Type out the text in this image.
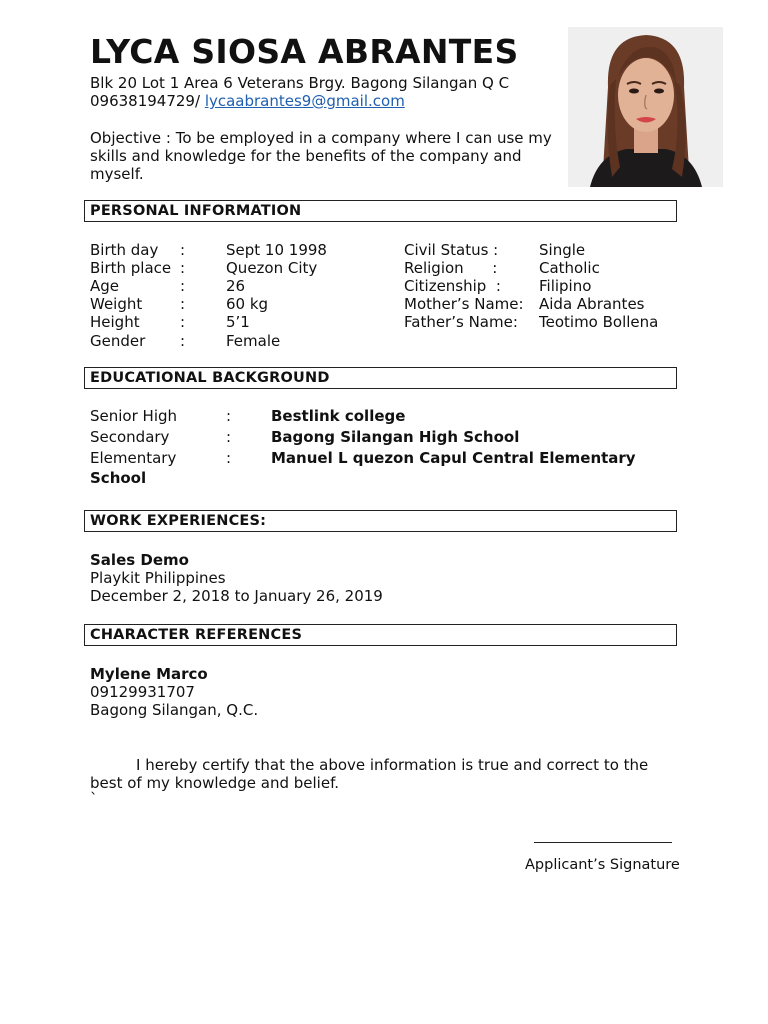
LYCA SIOSA ABRANTES
Blk 20 Lot 1 Area 6 Veterans Brgy. Bagong Silangan Q C
09638194729/ lycaabrantes9@gmail.com
Objective : To be employed in a company where I can use my
skills and knowledge for the benefits of the company and
myself.
PERSONAL INFORMATION
Birth day :	Sept 10 1998
Birth place :	Quezon City
Age	:	26
Weight	:	60 kg
Height	:	5’1
Gender :	Female
Civil Status :	Single
Religion      :	Catholic
Citizenship  :	Filipino
Mother’s Name: Aida Abrantes
Father’s Name: Teotimo Bollena
EDUCATIONAL BACKGROUND
Senior High	:	Bestlink college
Secondary	:	Bagong Silangan High School
Elementary	:	Manuel L quezon Capul Central Elementary
School
WORK EXPERIENCES:
Sales Demo
Playkit Philippines
December 2, 2018 to January 26, 2019
CHARACTER REFERENCES
Mylene Marco
09129931707
Bagong Silangan, Q.C.
I hereby certify that the above information is true and correct to the
best of my knowledge and belief.
`
Applicant’s Signature
